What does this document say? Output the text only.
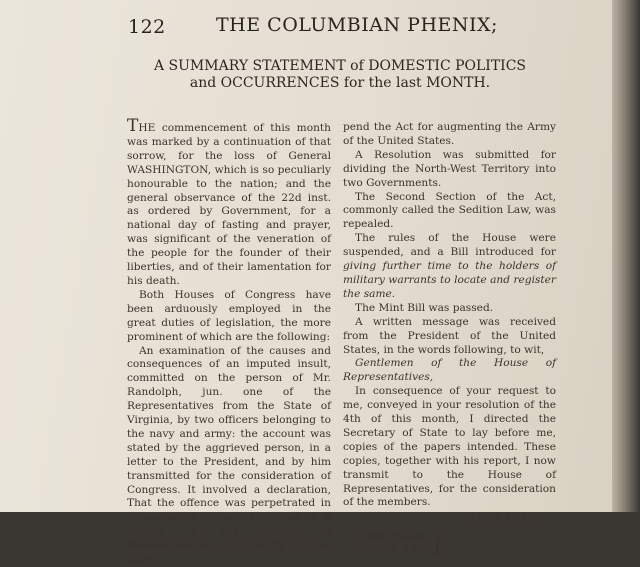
122	THE COLUMBIAN PHENIX;
A SUMMARY STATEMENT of DOMESTIC POLITICS
and OCCURRENCES for the last MONTH.

THE commencement of this month was marked by a continuation of that sorrow, for the loss of General WASHINGTON, which is so peculiarly honourable to the nation; and the general observance of the 22d inst. as ordered by Government, for a national day of fasting and prayer, was significant of the veneration of the people for the founder of their liberties, and of their lamentation for his death.

Both Houses of Congress have been arduously employed in the great duties of legislation, the more prominent of which are the following:

An examination of the causes and consequences of an imputed insult, committed on the person of Mr. Randolph, jun. one of the Representatives from the State of Virginia, by two officers belonging to the navy and army: the account was stated by the aggrieved person, in a letter to the President, and by him transmitted for the consideration of Congress. It involved a declaration, That the offence was perpetrated in consequence of words uttered in a debate in the House of Representatives, derogatory to the dignity

pend the Act for augmenting the Army of the United States.

A Resolution was submitted for dividing the North-West Territory into two Governments.

The Second Section of the Act, commonly called the Sedition Law, was repealed.

The rules of the House were suspended, and a Bill introduced for giving further time to the holders of military warrants to locate and register the same.

The Mint Bill was passed.

A written message was received from the President of the United States, in the words following, to wit,

Gentlemen of the House of Representatives,

In consequence of your request to me, conveyed in your resolution of the 4th of this month, I directed the Secretary of State to lay before me, copies of the papers intended. These copies, together with his report, I now transmit to the House of Representatives, for the consideration of the members.

JOHN ADAMS.
United States,
Feb. 7, 1800.
}
